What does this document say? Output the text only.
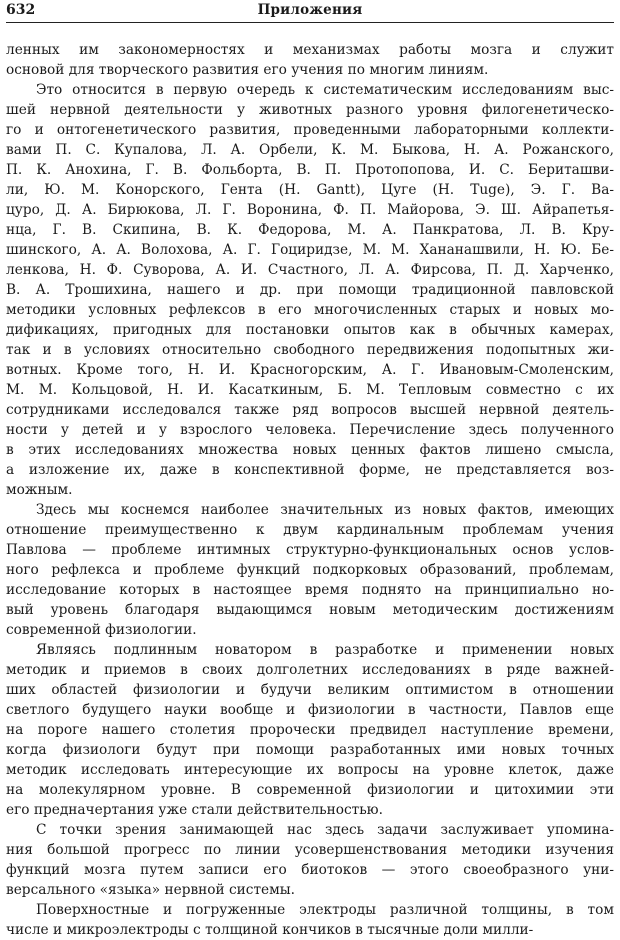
632	Приложения
ленных им закономерностях и механизмах работы мозга и служит
основой для творческого развития его учения по многим линиям.
Это относится в первую очередь к систематическим исследованиям выс-
шей нервной деятельности у животных разного уровня филогенетическо-
го и онтогенетического развития, проведенными лабораторными коллекти-
вами П. С. Купалова, Л. А. Орбели, К. М. Быкова, Н. А. Рожанского,
П. К. Анохина, Г. В. Фольборта, В. П. Протопопова, И. С. Бериташви-
ли, Ю. М. Конорского, Гента (H. Gantt), Цуге (H. Tuge), Э. Г. Ва-
цуро, Д. А. Бирюкова, Л. Г. Воронина, Ф. П. Майорова, Э. Ш. Айрапетья-
нца, Г. В. Скипина, В. К. Федорова, М. А. Панкратова, Л. В. Кру-
шинского, А. А. Волохова, А. Г. Гоциридзе, М. М. Хананашвили, Н. Ю. Бе-
ленкова, Н. Ф. Суворова, А. И. Счастного, Л. А. Фирсова, П. Д. Харченко,
В. А. Трошихина, нашего и др. при помощи традиционной павловской
методики условных рефлексов в его многочисленных старых и новых мо-
дификациях, пригодных для постановки опытов как в обычных камерах,
так и в условиях относительно свободного передвижения подопытных жи-
вотных. Кроме того, Н. И. Красногорским, А. Г. Ивановым-Смоленским,
М. М. Кольцовой, Н. И. Касаткиным, Б. М. Тепловым совместно с их
сотрудниками исследовался также ряд вопросов высшей нервной деятель-
ности у детей и у взрослого человека. Перечисление здесь полученного
в этих исследованиях множества новых ценных фактов лишено смысла,
а изложение их, даже в конспективной форме, не представляется воз-
можным.
Здесь мы коснемся наиболее значительных из новых фактов, имеющих
отношение преимущественно к двум кардинальным проблемам учения
Павлова — проблеме интимных структурно-функциональных основ услов-
ного рефлекса и проблеме функций подкорковых образований, проблемам,
исследование которых в настоящее время поднято на принципиально но-
вый уровень благодаря выдающимся новым методическим достижениям
современной физиологии.
Являясь подлинным новатором в разработке и применении новых
методик и приемов в своих долголетних исследованиях в ряде важней-
ших областей физиологии и будучи великим оптимистом в отношении
светлого будущего науки вообще и физиологии в частности, Павлов еще
на пороге нашего столетия пророчески предвидел наступление времени,
когда физиологи будут при помощи разработанных ими новых точных
методик исследовать интересующие их вопросы на уровне клеток, даже
на молекулярном уровне. В современной физиологии и цитохимии эти
его предначертания уже стали действительностью.
С точки зрения занимающей нас здесь задачи заслуживает упомина-
ния большой прогресс по линии усовершенствования методики изучения
функций мозга путем записи его биотоков — этого своеобразного уни-
версального «языка» нервной системы.
Поверхностные и погруженные электроды различной толщины, в том
числе и микроэлектроды с толщиной кончиков в тысячные доли милли-
